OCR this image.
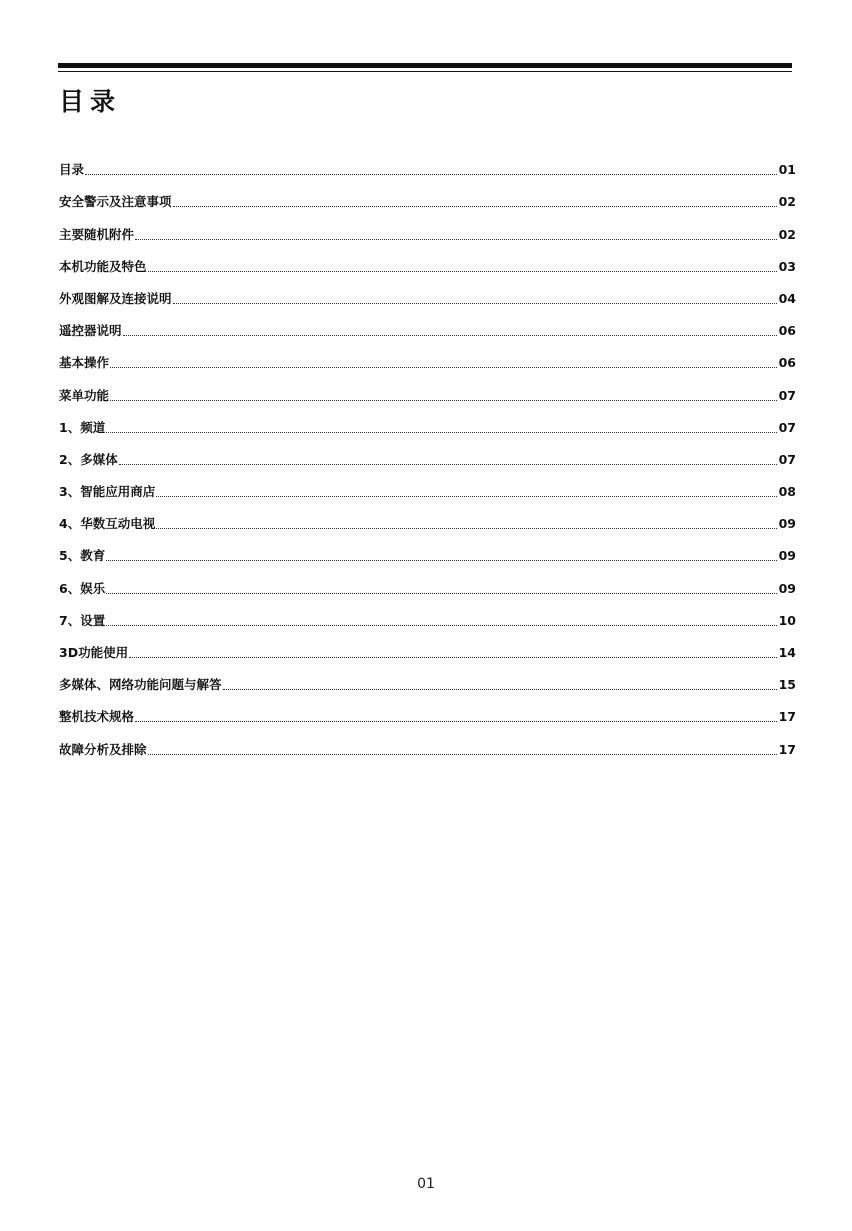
目录
目录	01
安全警示及注意事项	02
主要随机附件	02
本机功能及特色	03
外观图解及连接说明	04
遥控器说明	06
基本操作	06
菜单功能	07
1、频道	07
2、多媒体	07
3、智能应用商店	08
4、华数互动电视	09
5、教育	09
6、娱乐	09
7、设置	10
3D功能使用	14
多媒体、网络功能问题与解答	15
整机技术规格	17
故障分析及排除	17

01
